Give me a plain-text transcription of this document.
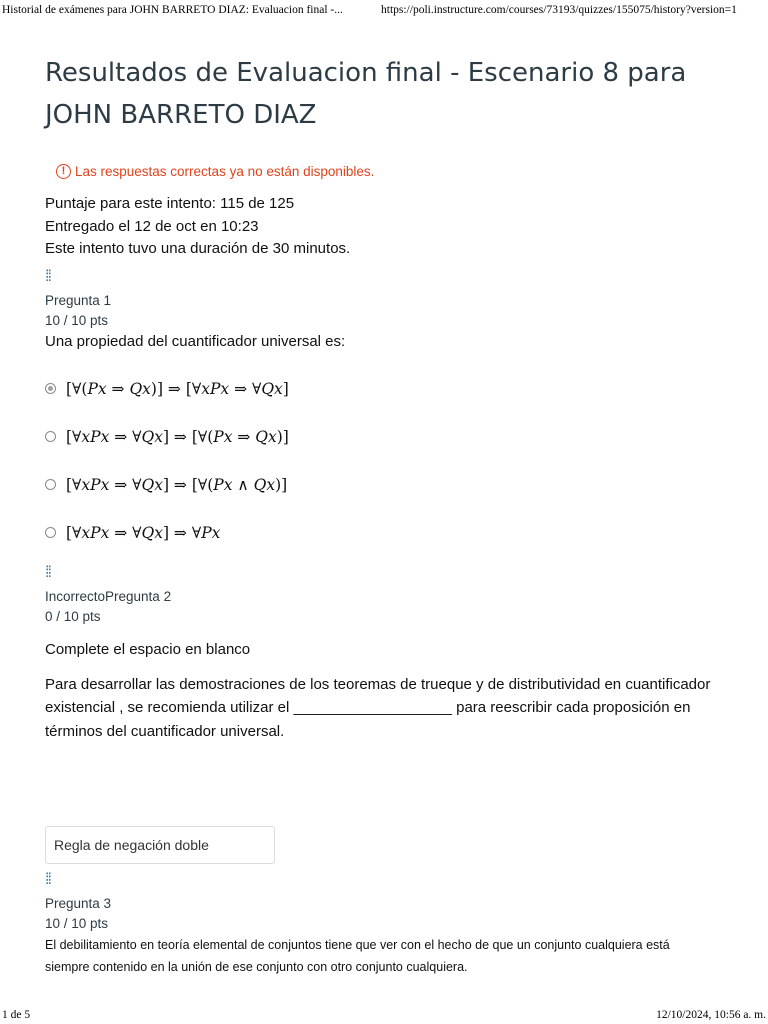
Historial de exámenes para JOHN BARRETO DIAZ: Evaluacion final -...	https://poli.instructure.com/courses/73193/quizzes/155075/history?version=1
Resultados de Evaluacion final - Escenario 8 para
JOHN BARRETO DIAZ
! Las respuestas correctas ya no están disponibles.
Puntaje para este intento: 115 de 125
Entregado el 12 de oct en 10:23
Este intento tuvo una duración de 30 minutos.
⁞⁞
Pregunta 1
10 / 10 pts
Una propiedad del cuantificador universal es:
[∀(𝑃𝑥 ⇒ 𝑄𝑥)] ⇒ [∀𝑥𝑃𝑥 ⇒ ∀𝑄𝑥]
[∀𝑥𝑃𝑥 ⇒ ∀𝑄𝑥] ⇒ [∀(𝑃𝑥 ⇒ 𝑄𝑥)]
[∀𝑥𝑃𝑥 ⇒ ∀𝑄𝑥] ⇒ [∀(𝑃𝑥 ∧ 𝑄𝑥)]
[∀𝑥𝑃𝑥 ⇒ ∀𝑄𝑥] ⇒ ∀𝑃𝑥
⁞⁞
IncorrectoPregunta 2
0 / 10 pts
Complete el espacio en blanco
Para desarrollar las demostraciones de los teoremas de trueque y de distributividad en cuantificador
existencial , se recomienda utilizar el ___________________ para reescribir cada proposición en
términos del cuantificador universal.
Regla de negación doble
⁞⁞
Pregunta 3
10 / 10 pts
El debilitamiento en teoría elemental de conjuntos tiene que ver con el hecho de que un conjunto cualquiera está
siempre contenido en la unión de ese conjunto con otro conjunto cualquiera.
1 de 5	12/10/2024, 10:56 a. m.
